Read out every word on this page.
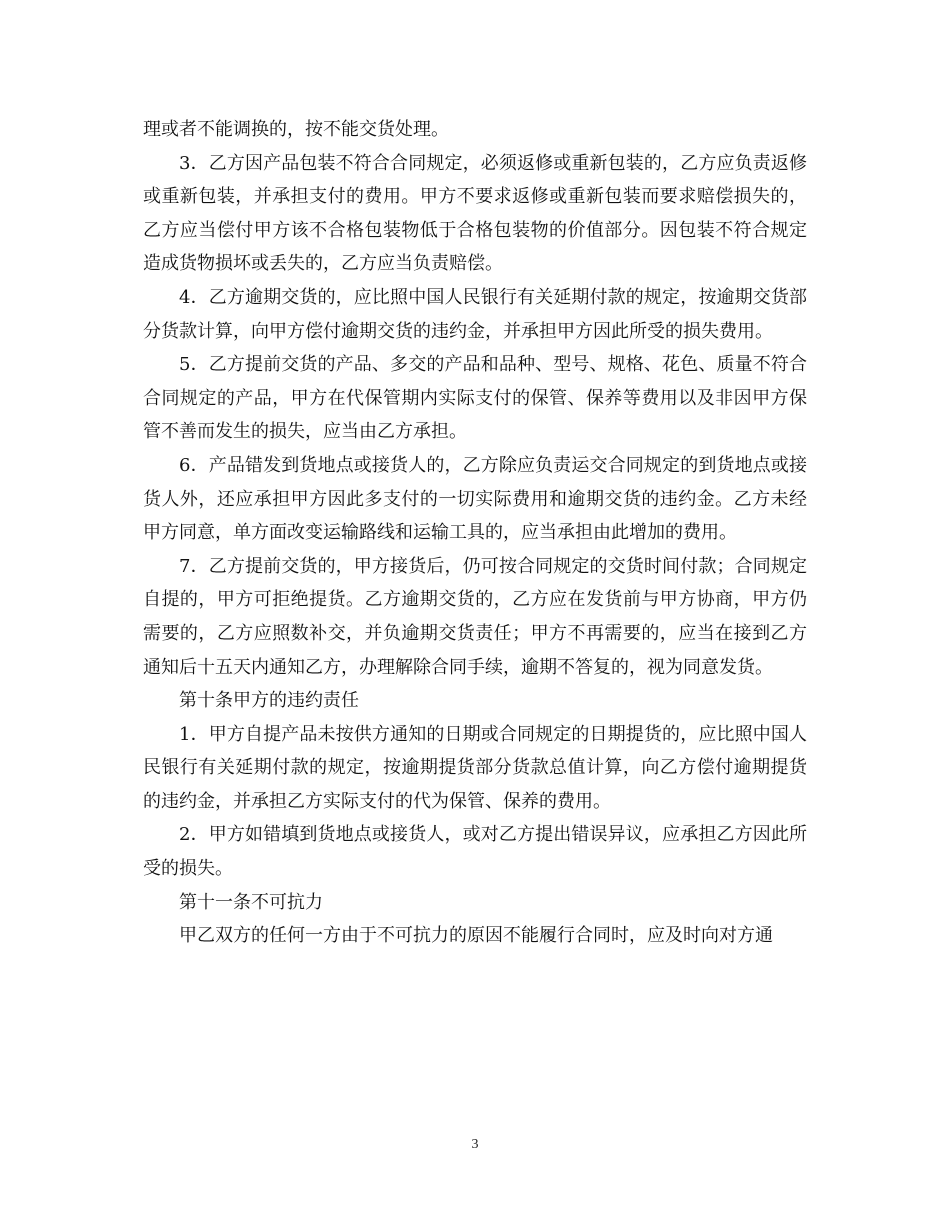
理或者不能调换的，按不能交货处理。

3．乙方因产品包装不符合合同规定，必须返修或重新包装的，乙方应负责返修或重新包装，并承担支付的费用。甲方不要求返修或重新包装而要求赔偿损失的，乙方应当偿付甲方该不合格包装物低于合格包装物的价值部分。因包装不符合规定造成货物损坏或丢失的，乙方应当负责赔偿。

4．乙方逾期交货的，应比照中国人民银行有关延期付款的规定，按逾期交货部分货款计算，向甲方偿付逾期交货的违约金，并承担甲方因此所受的损失费用。

5．乙方提前交货的产品、多交的产品和品种、型号、规格、花色、质量不符合合同规定的产品，甲方在代保管期内实际支付的保管、保养等费用以及非因甲方保管不善而发生的损失，应当由乙方承担。

6．产品错发到货地点或接货人的，乙方除应负责运交合同规定的到货地点或接货人外，还应承担甲方因此多支付的一切实际费用和逾期交货的违约金。乙方未经甲方同意，单方面改变运输路线和运输工具的，应当承担由此增加的费用。

7．乙方提前交货的，甲方接货后，仍可按合同规定的交货时间付款；合同规定自提的，甲方可拒绝提货。乙方逾期交货的，乙方应在发货前与甲方协商，甲方仍需要的，乙方应照数补交，并负逾期交货责任；甲方不再需要的，应当在接到乙方通知后十五天内通知乙方，办理解除合同手续，逾期不答复的，视为同意发货。

第十条甲方的违约责任

1．甲方自提产品未按供方通知的日期或合同规定的日期提货的，应比照中国人民银行有关延期付款的规定，按逾期提货部分货款总值计算，向乙方偿付逾期提货的违约金，并承担乙方实际支付的代为保管、保养的费用。

2．甲方如错填到货地点或接货人，或对乙方提出错误异议，应承担乙方因此所受的损失。

第十一条不可抗力

甲乙双方的任何一方由于不可抗力的原因不能履行合同时，应及时向对方通

3
